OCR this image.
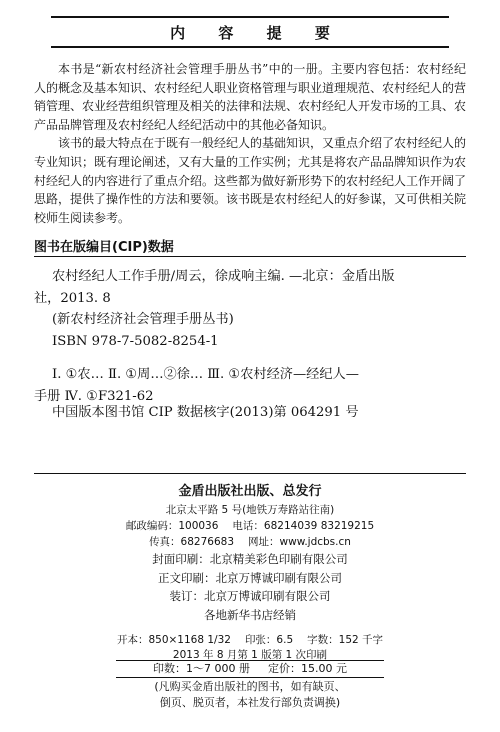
内 容 提 要

本书是“新农村经济社会管理手册丛书”中的一册。主要内容包括：农村经纪人的概念及基本知识、农村经纪人职业资格管理与职业道理规范、农村经纪人的营销管理、农业经营组织管理及相关的法律和法规、农村经纪人开发市场的工具、农产品品牌管理及农村经纪人经纪活动中的其他必备知识。

该书的最大特点在于既有一般经纪人的基础知识，又重点介绍了农村经纪人的专业知识；既有理论阐述，又有大量的工作实例；尤其是将农产品品牌知识作为农村经纪人的内容进行了重点介绍。这些都为做好新形势下的农村经纪人工作开阔了思路，提供了操作性的方法和要领。该书既是农村经纪人的好参谋，又可供相关院校师生阅读参考。

图书在版编目(CIP)数据
农村经纪人工作手册/周云，徐成响主编. —北京：金盾出版
社，2013. 8
(新农村经济社会管理手册丛书)
ISBN 978-7-5082-8254-1
Ⅰ. ①农… Ⅱ. ①周…②徐… Ⅲ. ①农村经济—经纪人—
手册 Ⅳ. ①F321-62
中国版本图书馆 CIP 数据核字(2013)第 064291 号
金盾出版社出版、总发行
北京太平路 5 号(地铁万寿路站往南)
邮政编码：100036 电话：68214039 83219215
传真：68276683 网址：www.jdcbs.cn
封面印刷：北京精美彩色印刷有限公司
正文印刷：北京万博诚印刷有限公司
装订：北京万博诚印刷有限公司
各地新华书店经销
开本：850×1168 1/32 印张：6.5 字数：152 千字
2013 年 8 月第 1 版第 1 次印刷
印数：1～7 000 册 定价：15.00 元
(凡购买金盾出版社的图书，如有缺页、
倒页、脱页者，本社发行部负责调换)
